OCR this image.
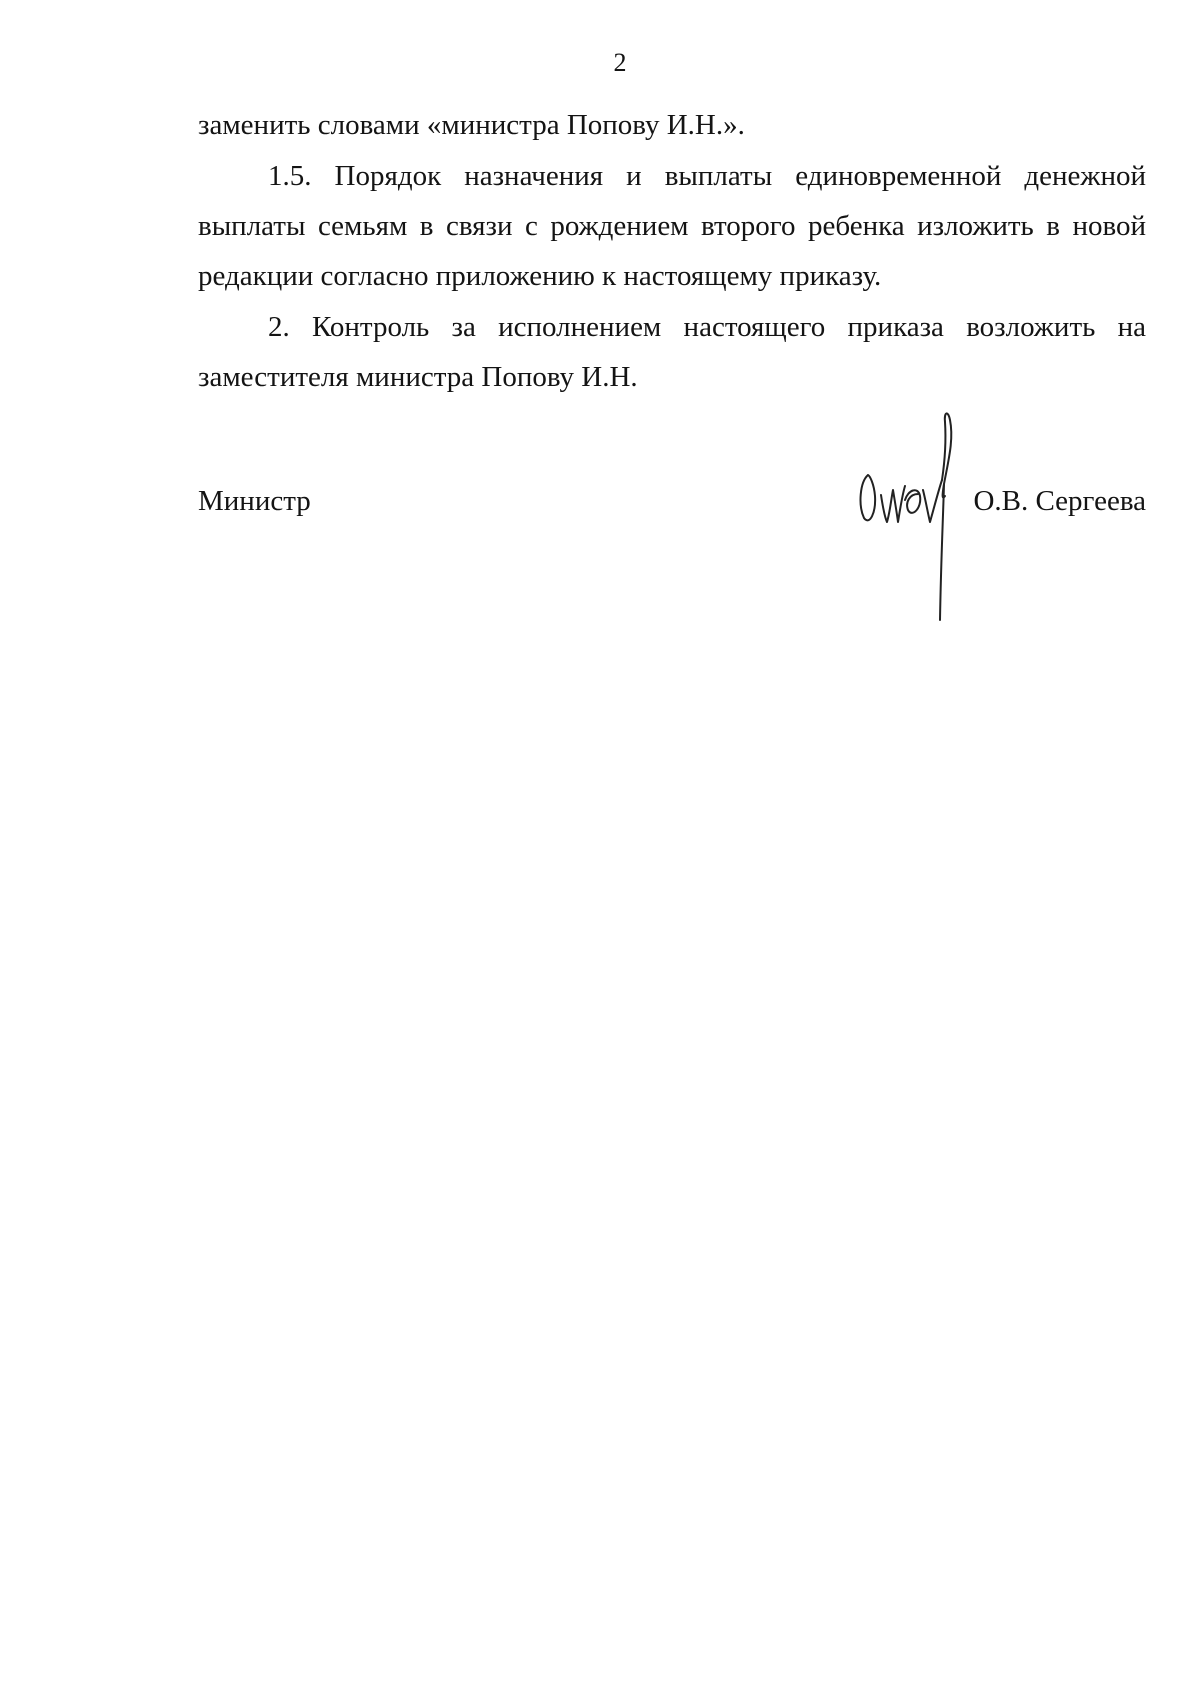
2

заменить словами «министра Попову И.Н.».

1.5. Порядок назначения и выплаты единовременной денежной выплаты семьям в связи с рождением второго ребенка изложить в новой редакции согласно приложению к настоящему приказу.

2. Контроль за исполнением настоящего приказа возложить на заместителя министра Попову И.Н.

Министр	О.В. Сергеева
